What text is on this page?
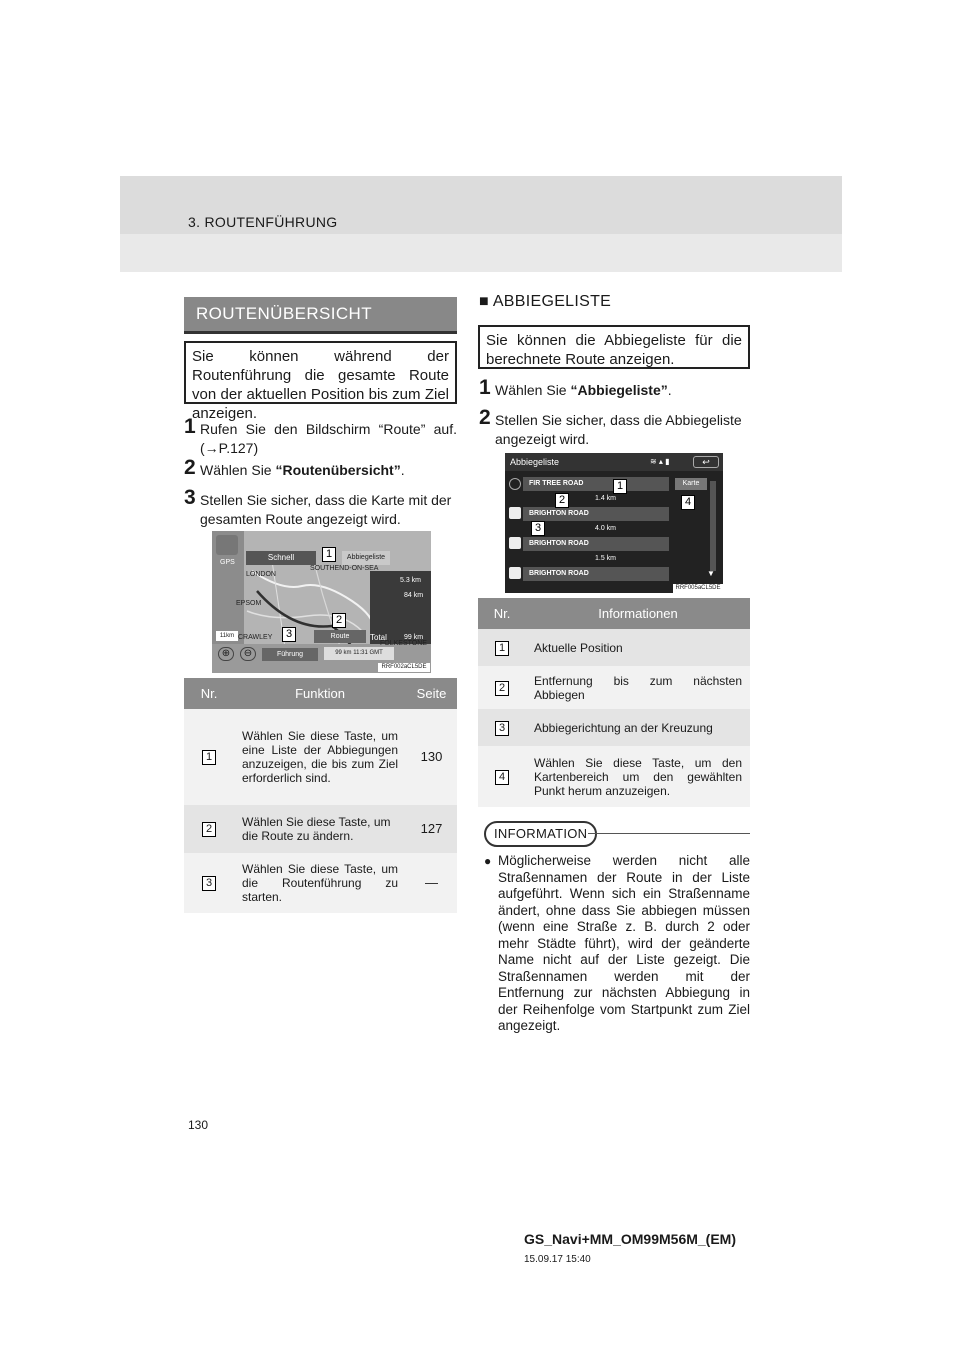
3. ROUTENFÜHRUNG
ROUTENÜBERSICHT
Sie können während der Routenführung die gesamte Route von der aktuellen Position bis zum Ziel anzeigen.
1 Rufen Sie den Bildschirm “Route” auf. (→P.127)
2 Wählen Sie “Routenübersicht”.
3 Stellen Sie sicher, dass die Karte mit der gesamten Route angezeigt wird.
GPS
Schnell	Abbiegeliste
SOUTHEND-ON-SEA
LONDON
EPSOM
CRAWLEY
FOLKESTONE
5.3 km
84 km
Total 99 km
Route
11km
⊕	⊖	Führung	99 km 11:31 GMT
RRF002aCL5DE
1
2
3
Nr.	Funktion	Seite
1	Wählen Sie diese Taste, um eine Liste der Abbiegungen anzuzeigen, die bis zum Ziel erforderlich sind.	130
2	Wählen Sie diese Taste, um die Route zu ändern.	127
3	Wählen Sie diese Taste, um die Routenführung zu starten.	—
■ ABBIEGELISTE
Sie können die Abbiegeliste für die berechnete Route anzeigen.
1 Wählen Sie “Abbiegeliste”.
2 Stellen Sie sicher, dass die Abbiegeliste angezeigt wird.
Abbiegeliste	≋ ▴ ▮	↩
FIR TREE ROAD	Karte
1.4 km
BRIGHTON ROAD
4.0 km
BRIGHTON ROAD
1.5 km
BRIGHTON ROAD	▼
RRF005aCL5DE
1
2
3
4
Nr.	Informationen
1	Aktuelle Position
2	Entfernung bis zum nächsten Abbiegen
3	Abbiegerichtung an der Kreuzung
4	Wählen Sie diese Taste, um den Kartenbereich um den gewählten Punkt herum anzuzeigen.
INFORMATION
● Möglicherweise werden nicht alle Straßennamen der Route in der Liste aufgeführt. Wenn sich ein Straßenname ändert, ohne dass Sie abbiegen müssen (wenn eine Straße z. B. durch 2 oder mehr Städte führt), wird der geänderte Name nicht auf der Liste gezeigt. Die Straßennamen werden mit der Entfernung zur nächsten Abbiegung in der Reihenfolge vom Startpunkt zum Ziel angezeigt.
130
GS_Navi+MM_OM99M56M_(EM)
15.09.17 15:40
